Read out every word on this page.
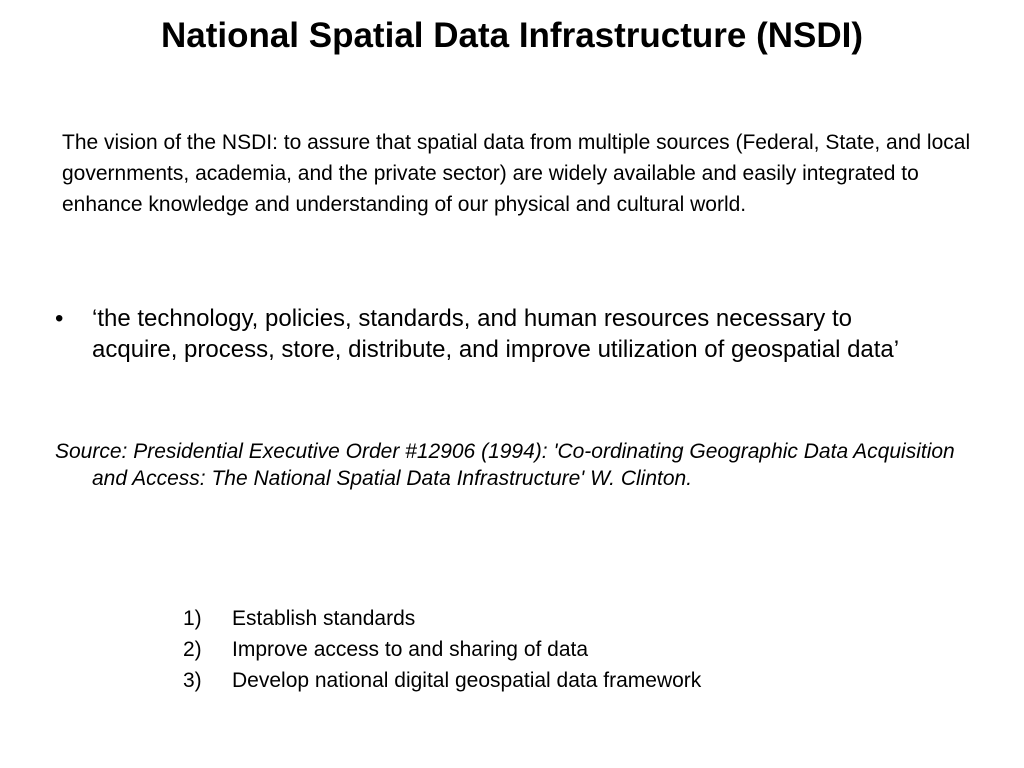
National Spatial Data Infrastructure (NSDI)

The vision of the NSDI: to assure that spatial data from multiple sources (Federal, State, and local governments, academia, and the private sector) are widely available and easily integrated to enhance knowledge and understanding of our physical and cultural world.

•	‘the technology, policies, standards, and human resources necessary to acquire, process, store, distribute, and improve utilization of geospatial data’

Source: Presidential Executive Order #12906 (1994): 'Co-ordinating Geographic Data Acquisition and Access: The National Spatial Data Infrastructure' W. Clinton.

1)	Establish standards
2)	Improve access to and sharing of data
3)	Develop national digital geospatial data framework
